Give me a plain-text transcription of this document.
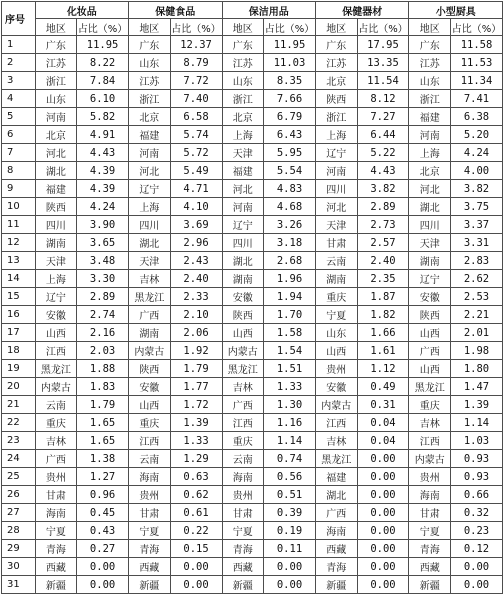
序号	化妆品		保健食品		保洁用品		保健器材		小型厨具	
	地区	占比（%）	地区	占比（%）	地区	占比（%）	地区	占比（%）	地区	占比（%）
1	广东	11.95	广东	12.37	广东	11.95	广东	17.95	广东	11.58
2	江苏	8.22	山东	8.79	江苏	11.03	江苏	13.35	江苏	11.53
3	浙江	7.84	江苏	7.72	山东	8.35	北京	11.54	山东	11.34
4	山东	6.10	浙江	7.40	浙江	7.66	陕西	8.12	浙江	7.41
5	河南	5.82	北京	6.58	北京	6.79	浙江	7.27	福建	6.38
6	北京	4.91	福建	5.74	上海	6.43	上海	6.44	河南	5.20
7	河北	4.43	河南	5.72	天津	5.95	辽宁	5.22	上海	4.24
8	湖北	4.39	河北	5.49	福建	5.54	河南	4.43	北京	4.00
9	福建	4.39	辽宁	4.71	河北	4.83	四川	3.82	河北	3.82
10	陕西	4.24	上海	4.10	河南	4.68	河北	2.89	湖北	3.75
11	四川	3.90	四川	3.69	辽宁	3.26	天津	2.73	四川	3.37
12	湖南	3.65	湖北	2.96	四川	3.18	甘肃	2.57	天津	3.31
13	天津	3.48	天津	2.43	湖北	2.68	云南	2.40	湖南	2.83
14	上海	3.30	吉林	2.40	湖南	1.96	湖南	2.35	辽宁	2.62
15	辽宁	2.89	黑龙江	2.33	安徽	1.94	重庆	1.87	安徽	2.53
16	安徽	2.74	广西	2.10	陕西	1.70	宁夏	1.82	陕西	2.21
17	山西	2.16	湖南	2.06	山西	1.58	山东	1.66	山西	2.01
18	江西	2.03	内蒙古	1.92	内蒙古	1.54	山西	1.61	广西	1.98
19	黑龙江	1.88	陕西	1.79	黑龙江	1.51	贵州	1.12	山西	1.80
20	内蒙古	1.83	安徽	1.77	吉林	1.33	安徽	0.49	黑龙江	1.47
21	云南	1.79	山西	1.72	广西	1.30	内蒙古	0.31	重庆	1.39
22	重庆	1.65	重庆	1.39	江西	1.16	江西	0.04	吉林	1.14
23	吉林	1.65	江西	1.33	重庆	1.14	吉林	0.04	江西	1.03
24	广西	1.38	云南	1.29	云南	0.74	黑龙江	0.00	内蒙古	0.93
25	贵州	1.27	海南	0.63	海南	0.56	福建	0.00	贵州	0.93
26	甘肃	0.96	贵州	0.62	贵州	0.51	湖北	0.00	海南	0.66
27	海南	0.45	甘肃	0.61	甘肃	0.39	广西	0.00	甘肃	0.32
28	宁夏	0.43	宁夏	0.22	宁夏	0.19	海南	0.00	宁夏	0.23
29	青海	0.27	青海	0.15	青海	0.11	西藏	0.00	青海	0.12
30	西藏	0.00	西藏	0.00	西藏	0.00	青海	0.00	西藏	0.00
31	新疆	0.00	新疆	0.00	新疆	0.00	新疆	0.00	新疆	0.00
